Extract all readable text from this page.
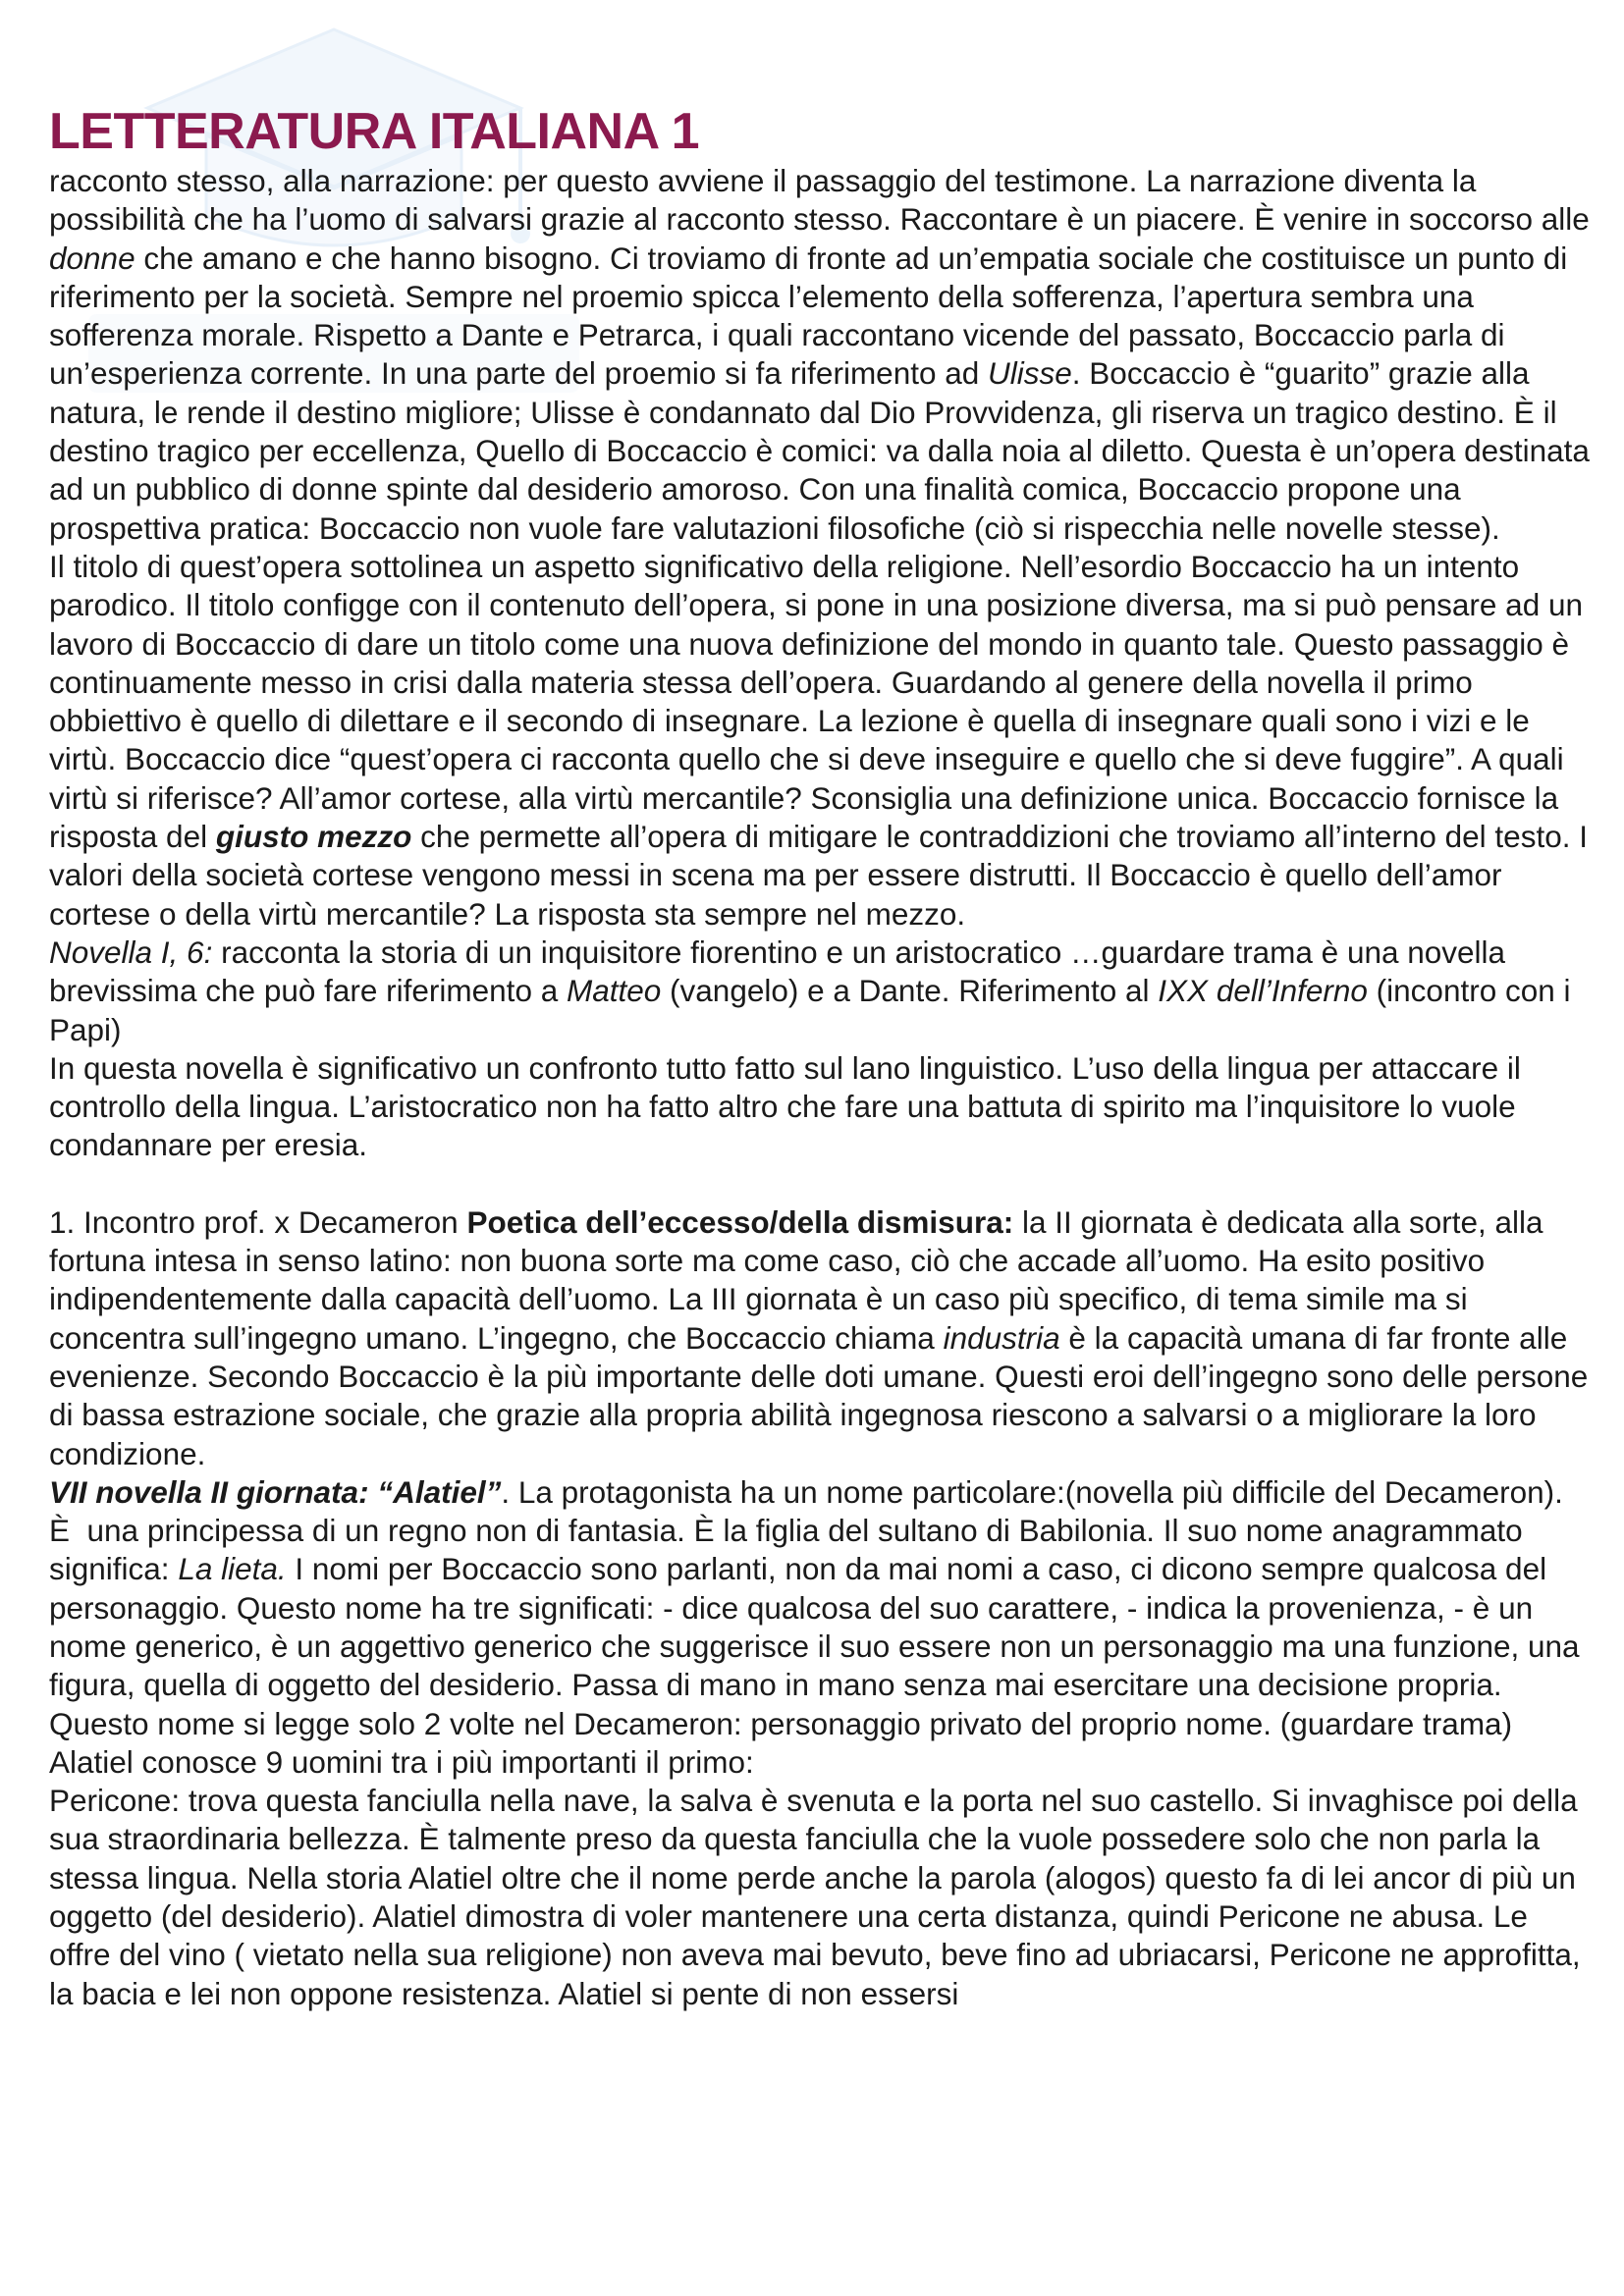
LETTERATURA ITALIANA 1

racconto stesso, alla narrazione: per questo avviene il passaggio del testimone. La narrazione diventa la possibilità che ha l’uomo di salvarsi grazie al racconto stesso. Raccontare è un piacere. È venire in soccorso alle donne che amano e che hanno bisogno. Ci troviamo di fronte ad un’empatia sociale che costituisce un punto di riferimento per la società. Sempre nel proemio spicca l’elemento della sofferenza, l’apertura sembra una sofferenza morale. Rispetto a Dante e Petrarca, i quali raccontano vicende del passato, Boccaccio parla di un’esperienza corrente. In una parte del proemio si fa riferimento ad Ulisse. Boccaccio è “guarito” grazie alla natura, le rende il destino migliore; Ulisse è condannato dal Dio Provvidenza, gli riserva un tragico destino. È il destino tragico per eccellenza, Quello di Boccaccio è comici: va dalla noia al diletto. Questa è un’opera destinata ad un pubblico di donne spinte dal desiderio amoroso. Con una finalità comica, Boccaccio propone una prospettiva pratica: Boccaccio non vuole fare valutazioni filosofiche (ciò si rispecchia nelle novelle stesse).

Il titolo di quest’opera sottolinea un aspetto significativo della religione. Nell’esordio Boccaccio ha un intento parodico. Il titolo configge con il contenuto dell’opera, si pone in una posizione diversa, ma si può pensare ad un lavoro di Boccaccio di dare un titolo come una nuova definizione del mondo in quanto tale. Questo passaggio è continuamente messo in crisi dalla materia stessa dell’opera. Guardando al genere della novella il primo obbiettivo è quello di dilettare e il secondo di insegnare. La lezione è quella di insegnare quali sono i vizi e le virtù. Boccaccio dice “quest’opera ci racconta quello che si deve inseguire e quello che si deve fuggire”. A quali virtù si riferisce? All’amor cortese, alla virtù mercantile? Sconsiglia una definizione unica. Boccaccio fornisce la risposta del giusto mezzo che permette all’opera di mitigare le contraddizioni che troviamo all’interno del testo. I valori della società cortese vengono messi in scena ma per essere distrutti. Il Boccaccio è quello dell’amor cortese o della virtù mercantile? La risposta sta sempre nel mezzo.

Novella I, 6: racconta la storia di un inquisitore fiorentino e un aristocratico …guardare trama è una novella brevissima che può fare riferimento a Matteo (vangelo) e a Dante. Riferimento al IXX dell’Inferno (incontro con i Papi)

In questa novella è significativo un confronto tutto fatto sul lano linguistico. L’uso della lingua per attaccare il controllo della lingua. L’aristocratico non ha fatto altro che fare una battuta di spirito ma l’inquisitore lo vuole condannare per eresia.

1. Incontro prof. x Decameron Poetica dell’eccesso/della dismisura: la II giornata è dedicata alla sorte, alla fortuna intesa in senso latino: non buona sorte ma come caso, ciò che accade all’uomo. Ha esito positivo indipendentemente dalla capacità dell’uomo. La III giornata è un caso più specifico, di tema simile ma si concentra sull’ingegno umano. L’ingegno, che Boccaccio chiama industria è la capacità umana di far fronte alle evenienze. Secondo Boccaccio è la più importante delle doti umane. Questi eroi dell’ingegno sono delle persone di bassa estrazione sociale, che grazie alla propria abilità ingegnosa riescono a salvarsi o a migliorare la loro condizione.

VII novella II giornata: “Alatiel”. La protagonista ha un nome particolare:(novella più difficile del Decameron). È  una principessa di un regno non di fantasia. È la figlia del sultano di Babilonia. Il suo nome anagrammato significa: La lieta. I nomi per Boccaccio sono parlanti, non da mai nomi a caso, ci dicono sempre qualcosa del personaggio. Questo nome ha tre significati: - dice qualcosa del suo carattere, - indica la provenienza, - è un nome generico, è un aggettivo generico che suggerisce il suo essere non un personaggio ma una funzione, una figura, quella di oggetto del desiderio. Passa di mano in mano senza mai esercitare una decisione propria. Questo nome si legge solo 2 volte nel Decameron: personaggio privato del proprio nome. (guardare trama) Alatiel conosce 9 uomini tra i più importanti il primo:

Pericone: trova questa fanciulla nella nave, la salva è svenuta e la porta nel suo castello. Si invaghisce poi della sua straordinaria bellezza. È talmente preso da questa fanciulla che la vuole possedere solo che non parla la stessa lingua. Nella storia Alatiel oltre che il nome perde anche la parola (alogos) questo fa di lei ancor di più un oggetto (del desiderio). Alatiel dimostra di voler mantenere una certa distanza, quindi Pericone ne abusa. Le offre del vino ( vietato nella sua religione) non aveva mai bevuto, beve fino ad ubriacarsi, Pericone ne approfitta, la bacia e lei non oppone resistenza. Alatiel si pente di non essersi
